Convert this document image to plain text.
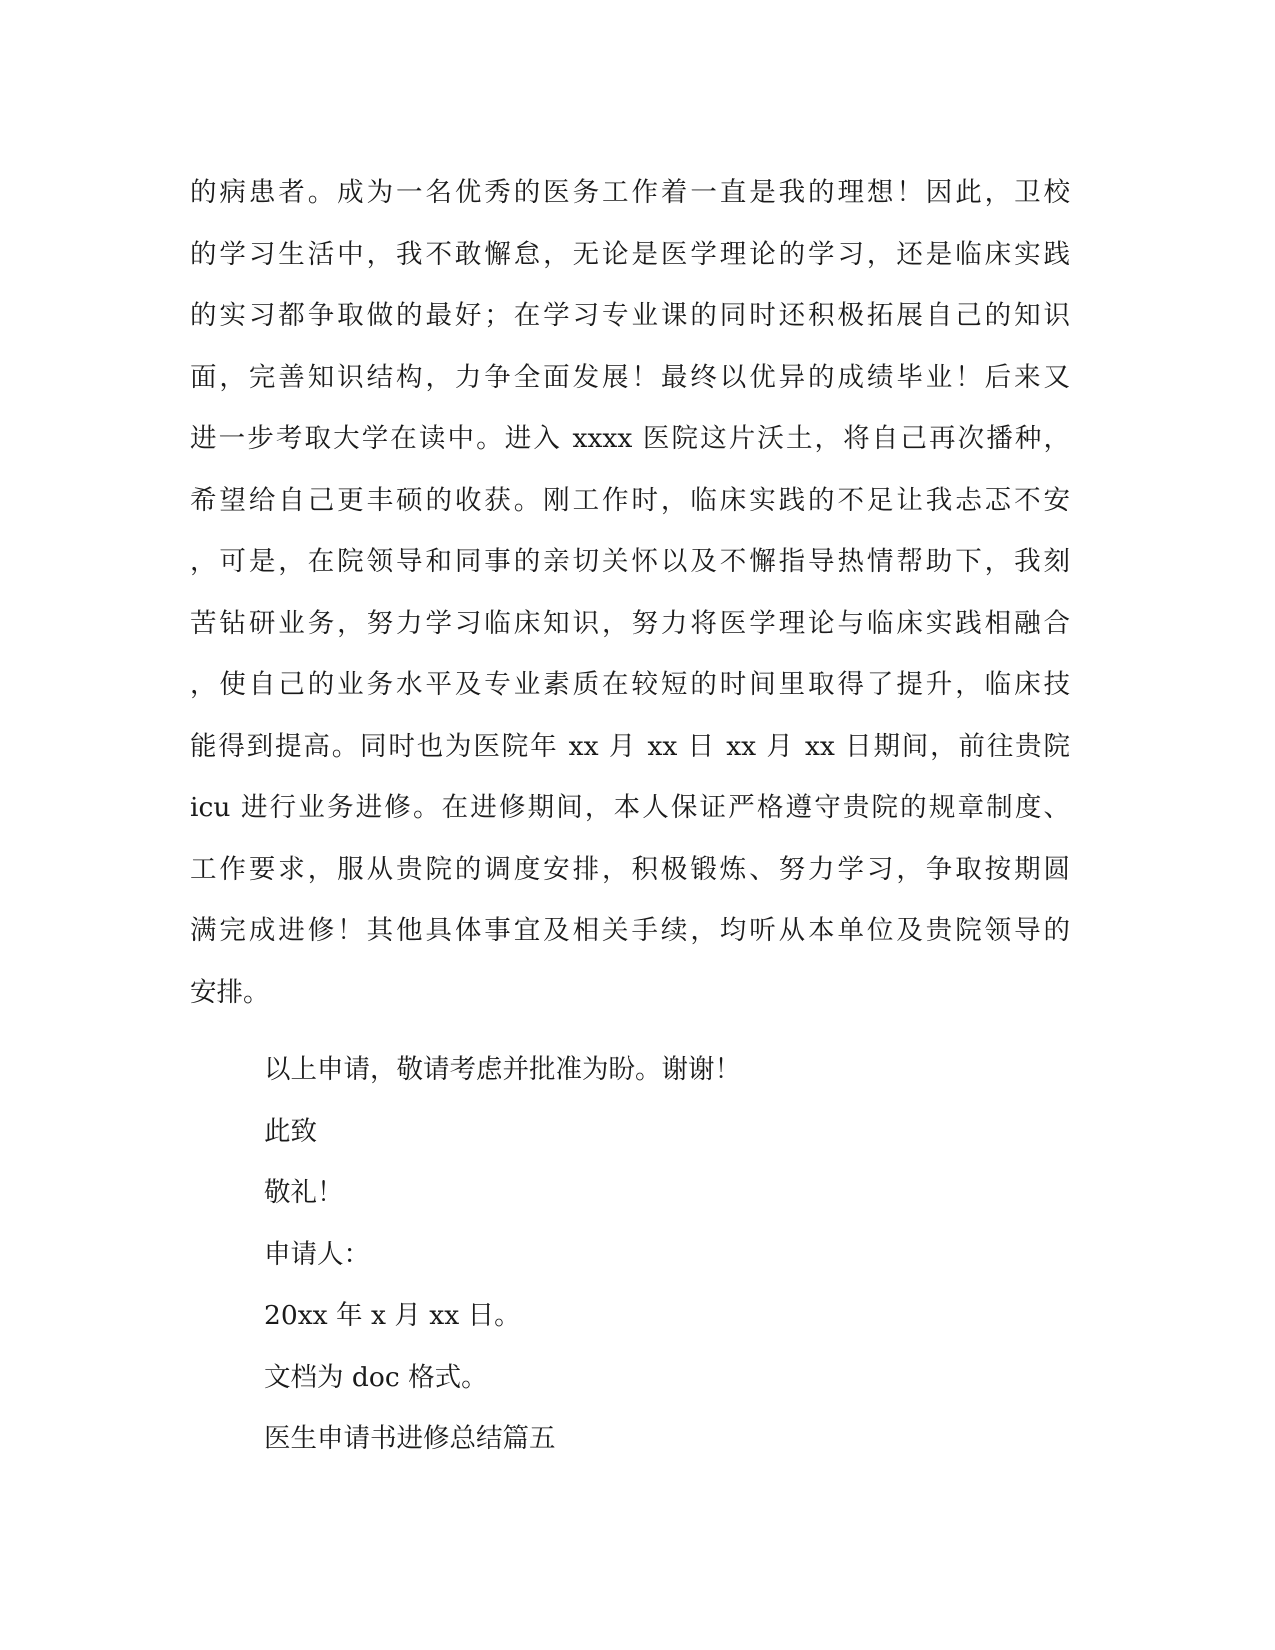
的病患者。成为一名优秀的医务工作着一直是我的理想！因此，卫校
的学习生活中，我不敢懈怠，无论是医学理论的学习，还是临床实践
的实习都争取做的最好；在学习专业课的同时还积极拓展自己的知识
面，完善知识结构，力争全面发展！最终以优异的成绩毕业！后来又
进一步考取大学在读中。进入 xxxx 医院这片沃土，将自己再次播种，
希望给自己更丰硕的收获。刚工作时，临床实践的不足让我忐忑不安
，可是，在院领导和同事的亲切关怀以及不懈指导热情帮助下，我刻
苦钻研业务，努力学习临床知识，努力将医学理论与临床实践相融合
，使自己的业务水平及专业素质在较短的时间里取得了提升，临床技
能得到提高。同时也为医院年 xx 月 xx 日 xx 月 xx 日期间，前往贵院
icu 进行业务进修。在进修期间，本人保证严格遵守贵院的规章制度、
工作要求，服从贵院的调度安排，积极锻炼、努力学习，争取按期圆
满完成进修！其他具体事宜及相关手续，均听从本单位及贵院领导的
安排。
以上申请，敬请考虑并批准为盼。谢谢！
此致
敬礼！
申请人：
20xx 年 x 月 xx 日。
文档为 doc 格式。
医生申请书进修总结篇五
